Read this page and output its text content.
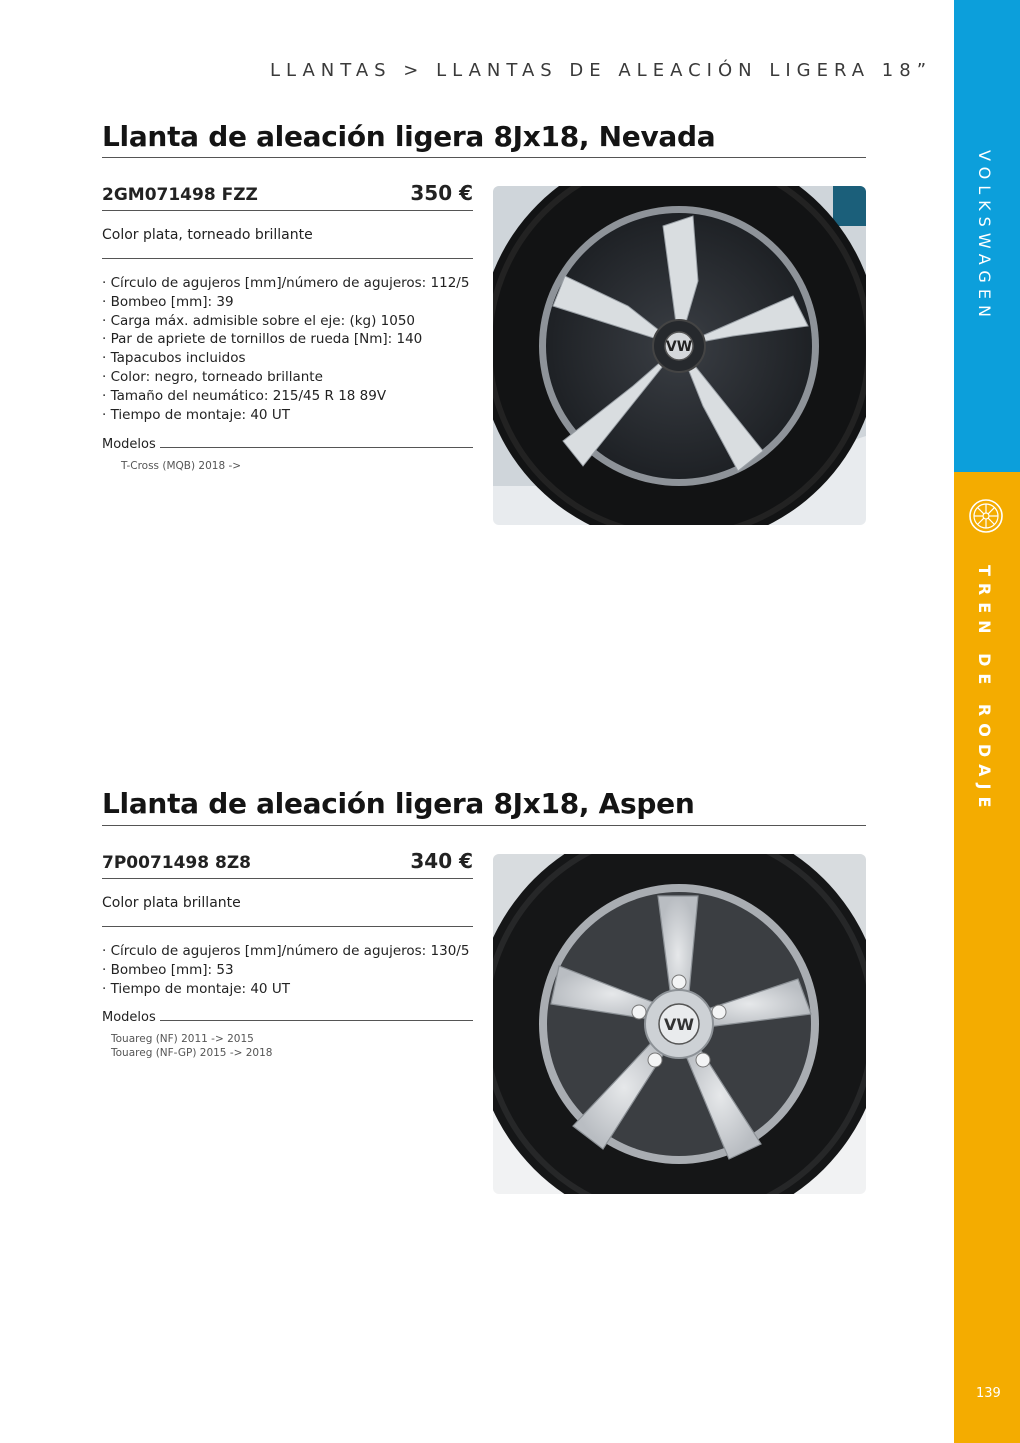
LLANTAS > LLANTAS DE ALEACIÓN LIGERA 18”
VOLKSWAGEN
TREN DE RODAJE
139
Llanta de aleación ligera 8Jx18, Nevada
2GM071498 FZZ	350 €
Color plata, torneado brillante
· Círculo de agujeros [mm]/número de agujeros: 112/5
· Bombeo [mm]: 39
· Carga máx. admisible sobre el eje: (kg) 1050
· Par de apriete de tornillos de rueda [Nm]: 140
· Tapacubos incluidos
· Color: negro, torneado brillante
· Tamaño del neumático: 215/45 R 18 89V
· Tiempo de montaje: 40 UT
Modelos
T-Cross (MQB) 2018 ->
VW
Llanta de aleación ligera 8Jx18, Aspen
7P0071498 8Z8	340 €
Color plata brillante
· Círculo de agujeros [mm]/número de agujeros: 130/5
· Bombeo [mm]: 53
· Tiempo de montaje: 40 UT
Modelos
Touareg (NF) 2011 -> 2015
Touareg (NF-GP) 2015 -> 2018
VW
